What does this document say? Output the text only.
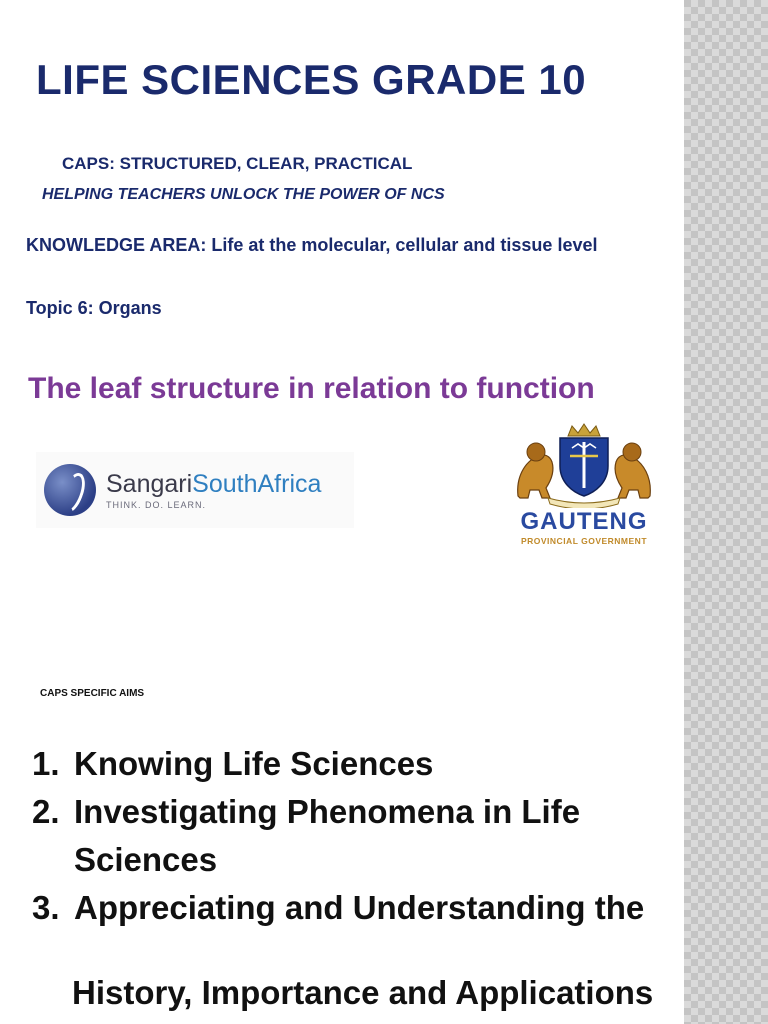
LIFE SCIENCES GRADE 10
CAPS: STRUCTURED, CLEAR, PRACTICAL
HELPING TEACHERS UNLOCK THE POWER OF NCS
KNOWLEDGE AREA: Life at the molecular, cellular and tissue level
Topic 6: Organs
The leaf structure in relation to function
SangariSouthAfrica
THINK. DO. LEARN.
GAUTENG
PROVINCIAL GOVERNMENT
CAPS SPECIFIC AIMS
1. Knowing Life Sciences
2. Investigating Phenomena in Life Sciences
3. Appreciating and Understanding the
History, Importance and Applications
